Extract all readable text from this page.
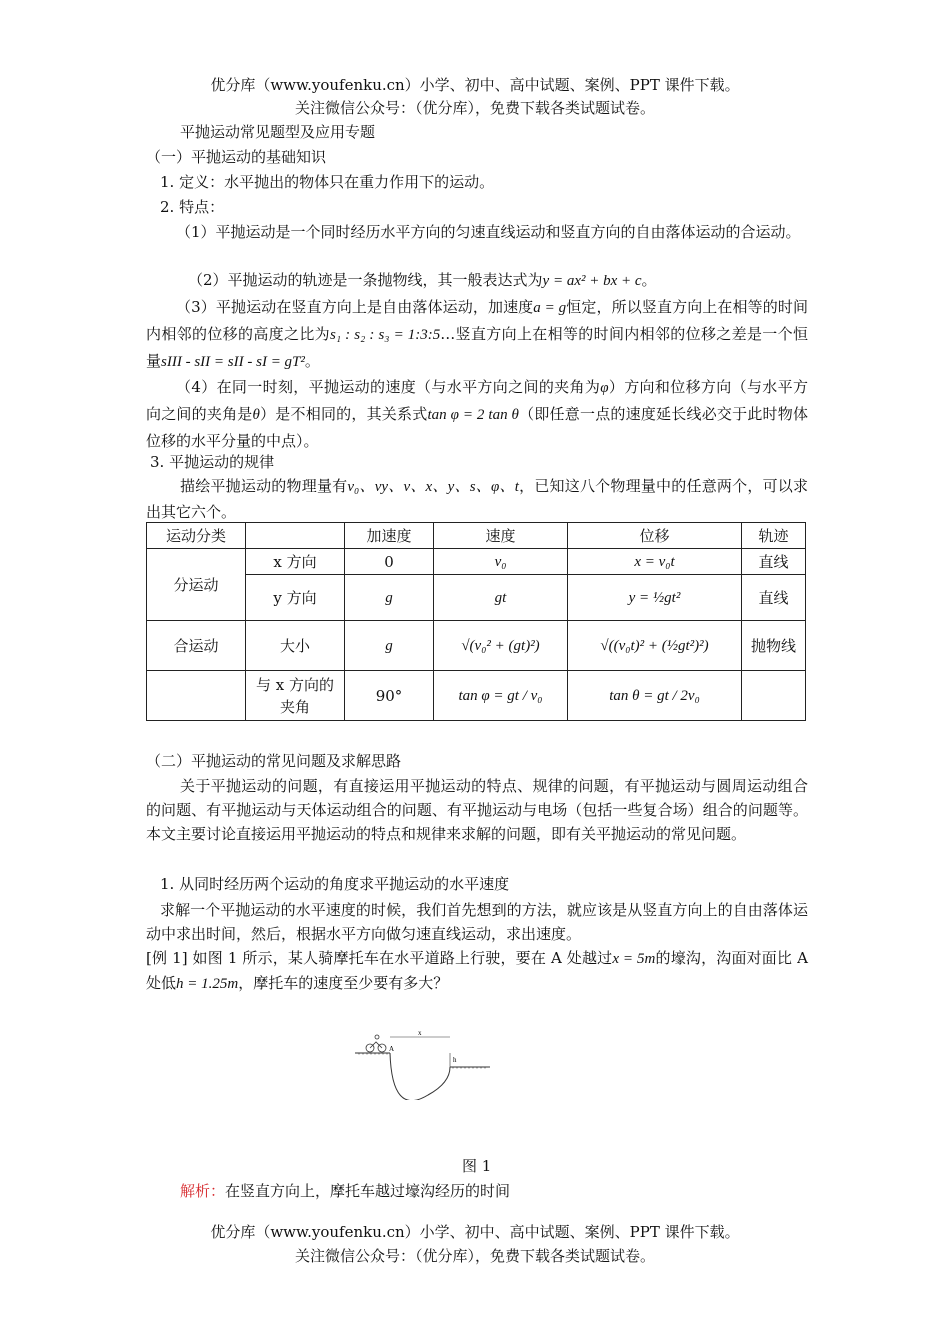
优分库（www.youfenku.cn）小学、初中、高中试题、案例、PPT 课件下载。
关注微信公众号：（优分库），免费下载各类试题试卷。
平抛运动常见题型及应用专题
（一）平抛运动的基础知识
1. 定义：水平抛出的物体只在重力作用下的运动。
2. 特点：
（1）平抛运动是一个同时经历水平方向的匀速直线运动和竖直方向的自由落体运动的合运动。
（2）平抛运动的轨迹是一条抛物线，其一般表达式为y = ax² + bx + c。
（3）平抛运动在竖直方向上是自由落体运动，加速度a = g恒定，所以竖直方向上在相等的时间内相邻的位移的高度之比为s₁ : s₂ : s₃ = 1:3:5…竖直方向上在相等的时间内相邻的位移之差是一个恒量sIII - sII = sII - sI = gT²。
（4）在同一时刻，平抛运动的速度（与水平方向之间的夹角为φ）方向和位移方向（与水平方向之间的夹角是θ）是不相同的，其关系式tan φ = 2 tan θ（即任意一点的速度延长线必交于此时物体位移的水平分量的中点）。
3. 平抛运动的规律
描绘平抛运动的物理量有v₀、vy、v、x、y、s、φ、t，已知这八个物理量中的任意两个，可以求出其它六个。
运动分类		加速度	速度	位移	轨迹
分运动	x 方向	0	v₀	x = v₀t	直线
	y 方向	g	gt	y = ½gt²	直线
合运动	大小	g	√(v₀² + (gt)²)	√((v₀t)² + (½gt²)²)	抛物线
	与 x 方向的夹角	90°	tan φ = gt / v₀	tan θ = gt / 2v₀	
（二）平抛运动的常见问题及求解思路
关于平抛运动的问题，有直接运用平抛运动的特点、规律的问题，有平抛运动与圆周运动组合的问题、有平抛运动与天体运动组合的问题、有平抛运动与电场（包括一些复合场）组合的问题等。本文主要讨论直接运用平抛运动的特点和规律来求解的问题，即有关平抛运动的常见问题。
1. 从同时经历两个运动的角度求平抛运动的水平速度
求解一个平抛运动的水平速度的时候，我们首先想到的方法，就应该是从竖直方向上的自由落体运动中求出时间，然后，根据水平方向做匀速直线运动，求出速度。
[例 1] 如图 1 所示，某人骑摩托车在水平道路上行驶，要在 A 处越过x = 5m的壕沟，沟面对面比 A 处低h = 1.25m，摩托车的速度至少要有多大？
A
x
h
图 1
解析：在竖直方向上，摩托车越过壕沟经历的时间
优分库（www.youfenku.cn）小学、初中、高中试题、案例、PPT 课件下载。
关注微信公众号：（优分库），免费下载各类试题试卷。
